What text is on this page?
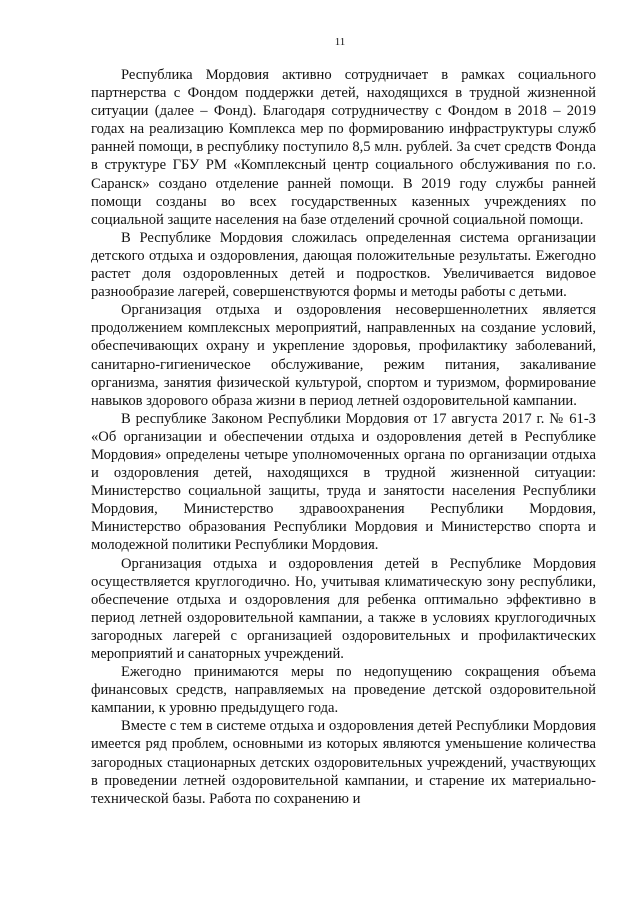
11

Республика Мордовия активно сотрудничает в рамках социального партнерства с Фондом поддержки детей, находящихся в трудной жизненной ситуации (далее – Фонд). Благодаря сотрудничеству с Фондом в 2018 – 2019 годах на реализацию Комплекса мер по формированию инфраструктуры служб ранней помощи, в республику поступило 8,5 млн. рублей. За счет средств Фонда в структуре ГБУ РМ «Комплексный центр социального обслуживания по г.о. Саранск» создано отделение ранней помощи. В 2019 году службы ранней помощи созданы во всех государственных казенных учреждениях по социальной защите населения на базе отделений срочной социальной помощи.

В Республике Мордовия сложилась определенная система организации детского отдыха и оздоровления, дающая положительные результаты. Ежегодно растет доля оздоровленных детей и подростков. Увеличивается видовое разнообразие лагерей, совершенствуются формы и методы работы с детьми.

Организация отдыха и оздоровления несовершеннолетних является продолжением комплексных мероприятий, направленных на создание условий, обеспечивающих охрану и укрепление здоровья, профилактику заболеваний, санитарно-гигиеническое обслуживание, режим питания, закаливание организма, занятия физической культурой, спортом и туризмом, формирование навыков здорового образа жизни в период летней оздоровительной кампании.

В республике Законом Республики Мордовия от 17 августа 2017 г. № 61-З «Об организации и обеспечении отдыха и оздоровления детей в Республике Мордовия» определены четыре уполномоченных органа по организации отдыха и оздоровления детей, находящихся в трудной жизненной ситуации: Министерство социальной защиты, труда и занятости населения Республики Мордовия, Министерство здравоохранения Республики Мордовия, Министерство образования Республики Мордовия и Министерство спорта и молодежной политики Республики Мордовия.

Организация отдыха и оздоровления детей в Республике Мордовия осуществляется круглогодично. Но, учитывая климатическую зону республики, обеспечение отдыха и оздоровления для ребенка оптимально эффективно в период летней оздоровительной кампании, а также в условиях круглогодичных загородных лагерей с организацией оздоровительных и профилактических мероприятий и санаторных учреждений.

Ежегодно принимаются меры по недопущению сокращения объема финансовых средств, направляемых на проведение детской оздоровительной кампании, к уровню предыдущего года.

Вместе с тем в системе отдыха и оздоровления детей Республики Мордовия имеется ряд проблем, основными из которых являются уменьшение количества загородных стационарных детских оздоровительных учреждений, участвующих в проведении летней оздоровительной кампании, и старение их материально-технической базы. Работа по сохранению и
